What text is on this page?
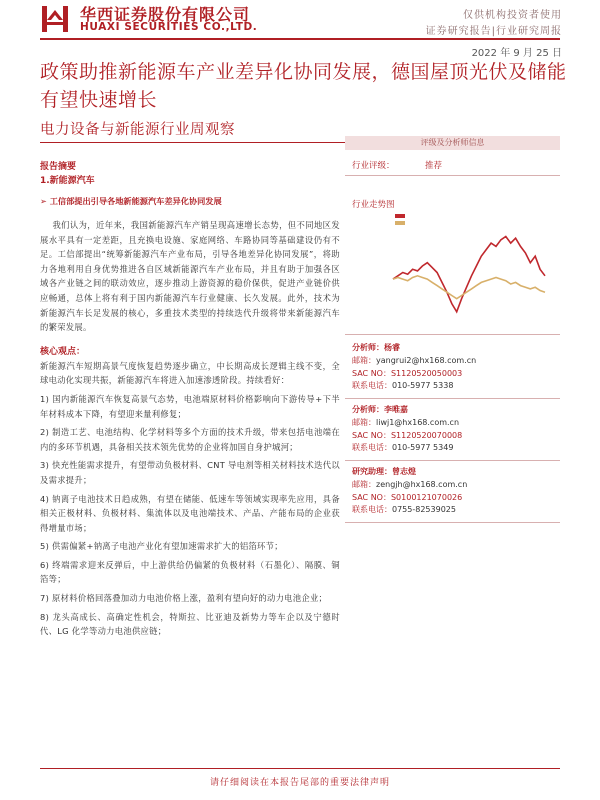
华西证券股份有限公司
HUAXI SECURITIES CO.,LTD.
仅供机构投资者使用
证券研究报告|行业研究周报
2022 年 9 月 25 日
政策助推新能源车产业差异化协同发展，德国屋顶光伏及储能有望快速增长
电力设备与新能源行业周观察
报告摘要
1.新能源汽车
➢ 工信部提出引导各地新能源汽车差异化协同发展

我们认为，近年来，我国新能源汽车产销呈现高速增长态势，但不同地区发展水平具有一定差距，且充换电设施、家庭网络、车路协同等基础建设仍有不足。工信部提出“统筹新能源汽车产业布局，引导各地差异化协同发展”，将助力各地利用自身优势推进各自区域新能源汽车产业布局，并且有助于加强各区域各产业链之间的联动效应，逐步推动上游资源的稳价保供，促进产业链价供应畅通，总体上将有利于国内新能源汽车行业健康、长久发展。此外，技术为新能源汽车长足发展的核心，多重技术类型的持续迭代升级将带来新能源汽车的繁荣发展。

核心观点：

新能源汽车短期高景气度恢复趋势逐步确立，中长期高成长逻辑主线不变，全球电动化实现共振，新能源汽车将进入加速渗透阶段。持续看好：

1) 国内新能源汽车恢复高景气态势，电池端原材料价格影响向下游传导+下半年材料成本下降，有望迎来量利修复；

2) 制造工艺、电池结构、化学材料等多个方面的技术升级，带来包括电池端在内的多环节机遇，具备相关技术领先优势的企业将加国自身护城河；

3) 快充性能需求提升，有望带动负极材料、CNT 导电剂等相关材料技术迭代以及需求提升；

4) 钠离子电池技术日趋成熟，有望在储能、低速车等领域实现率先应用，具备相关正极材料、负极材料、集流体以及电池端技术、产品、产能布局的企业获得增量市场；

5) 供需偏紧+钠离子电池产业化有望加速需求扩大的铝箔环节；

6) 终端需求迎来反弹后，中上游供给仍偏紧的负极材料（石墨化）、隔膜、铜箔等；

7) 原材料价格回落叠加动力电池价格上涨，盈利有望向好的动力电池企业；

8) 龙头高成长、高确定性机会，特斯拉、比亚迪及新势力等车企以及宁德时代、LG 化学等动力电池供应链；

评级及分析师信息
行业评级：	推荐
行业走势图
分析师：杨睿
邮箱：yangrui2@hx168.com.cn
SAC NO：S1120520050003
联系电话：010-5977 5338
分析师：李唯嘉
邮箱：liwj1@hx168.com.cn
SAC NO：S1120520070008
联系电话：010-5977 5349
研究助理：曾志煌
邮箱：zengjh@hx168.com.cn
SAC NO：S0100121070026
联系电话：0755-82539025
请仔细阅读在本报告尾部的重要法律声明
